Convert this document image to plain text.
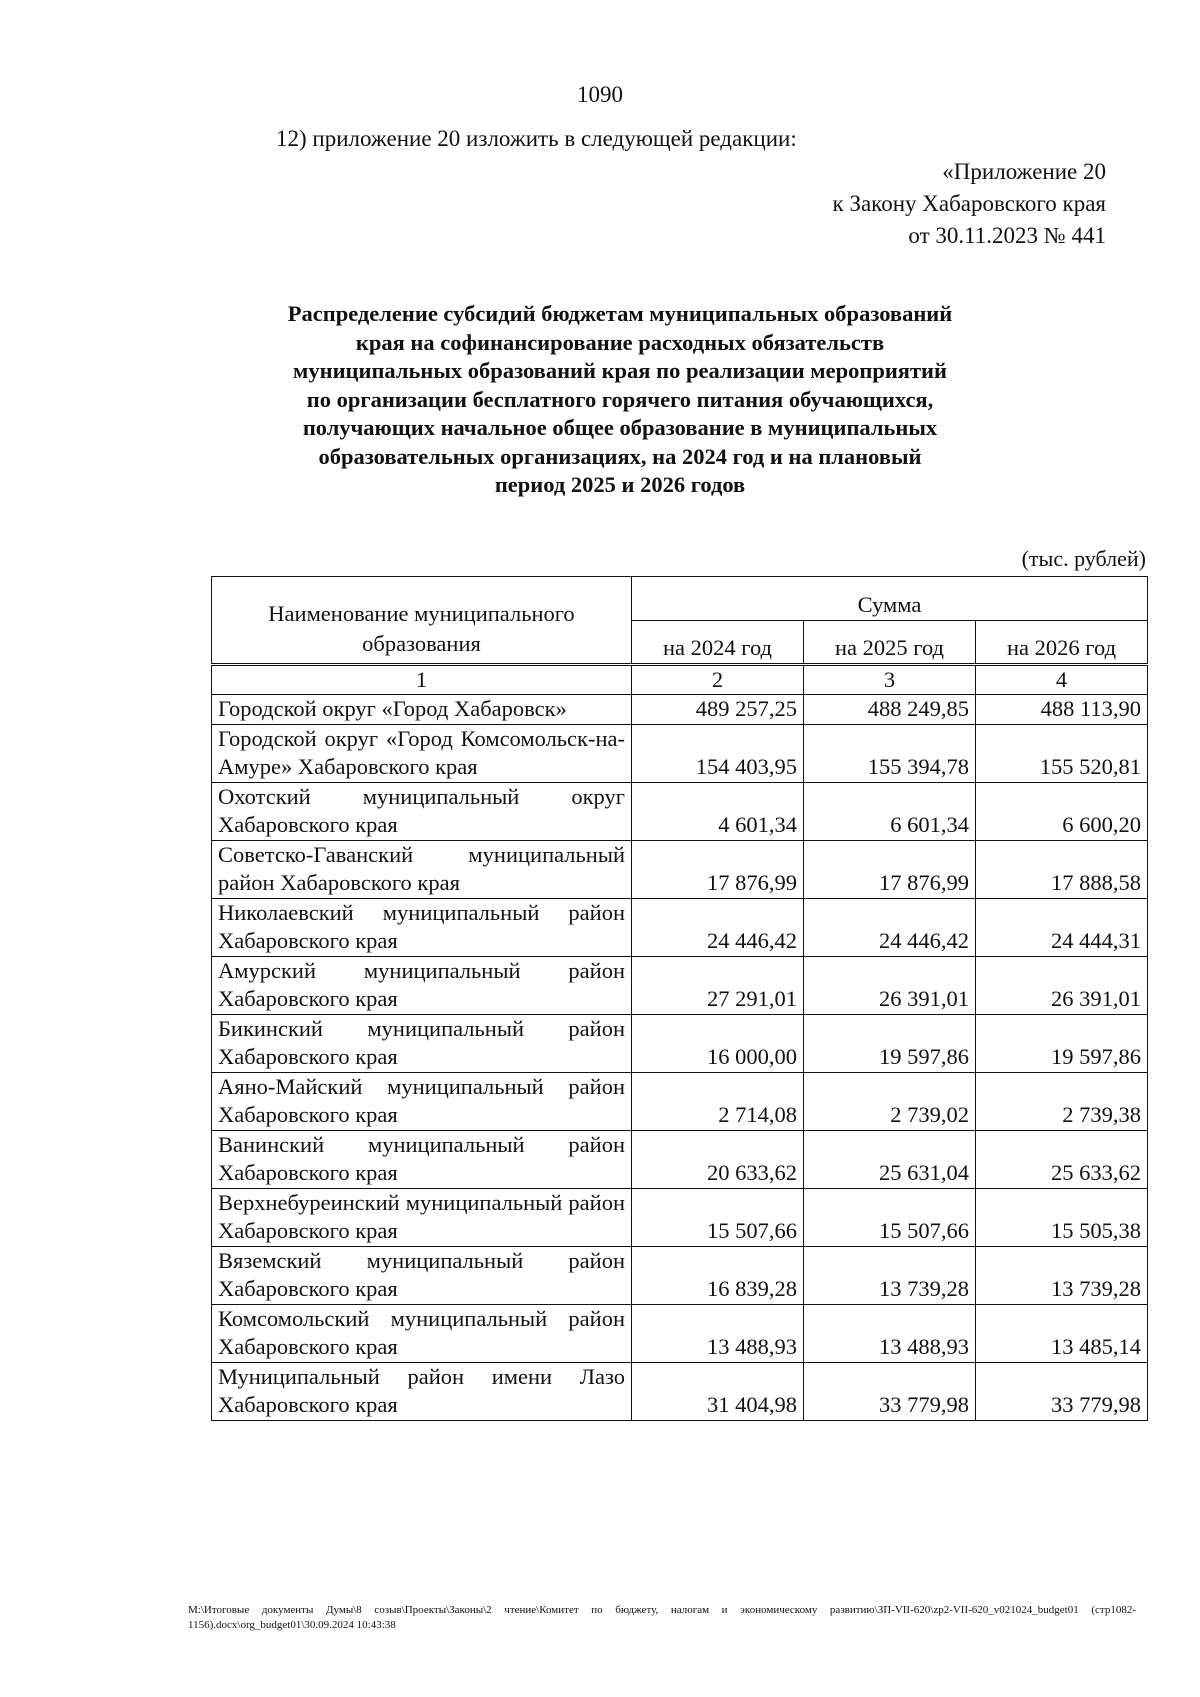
1090
12) приложение 20 изложить в следующей редакции:
«Приложение 20
к Закону Хабаровского края
от 30.11.2023 № 441
Распределение субсидий бюджетам муниципальных образований
края на софинансирование расходных обязательств
муниципальных образований края по реализации мероприятий
по организации бесплатного горячего питания обучающихся,
получающих начальное общее образование в муниципальных
образовательных организациях, на 2024 год и на плановый
период 2025 и 2026 годов
(тыс. рублей)
Наименование муниципального образования	Сумма		
	на 2024 год	на 2025 год	на 2026 год
1	2	3	4
Городской округ «Город Хабаровск»	489 257,25	488 249,85	488 113,90
Городской округ «Город Комсомольск-на-Амуре» Хабаровского края	154 403,95	155 394,78	155 520,81
Охотский муниципальный округ Хабаровского края	4 601,34	6 601,34	6 600,20
Советско-Гаванский муниципальный район Хабаровского края	17 876,99	17 876,99	17 888,58
Николаевский муниципальный район Хабаровского края	24 446,42	24 446,42	24 444,31
Амурский муниципальный район Хабаровского края	27 291,01	26 391,01	26 391,01
Бикинский муниципальный район Хабаровского края	16 000,00	19 597,86	19 597,86
Аяно-Майский муниципальный район Хабаровского края	2 714,08	2 739,02	2 739,38
Ванинский муниципальный район Хабаровского края	20 633,62	25 631,04	25 633,62
Верхнебуреинский муниципальный район Хабаровского края	15 507,66	15 507,66	15 505,38
Вяземский муниципальный район Хабаровского края	16 839,28	13 739,28	13 739,28
Комсомольский муниципальный район Хабаровского края	13 488,93	13 488,93	13 485,14
Муниципальный район имени Лазо Хабаровского края	31 404,98	33 779,98	33 779,98
M:\Итоговые документы Думы\8 созыв\Проекты\Законы\2 чтение\Комитет по бюджету, налогам и экономическому развитию\ЗП-VII-620\zp2-VII-620_v021024_budget01 (стр1082-1156).docx\org_budget01\30.09.2024 10:43:38
